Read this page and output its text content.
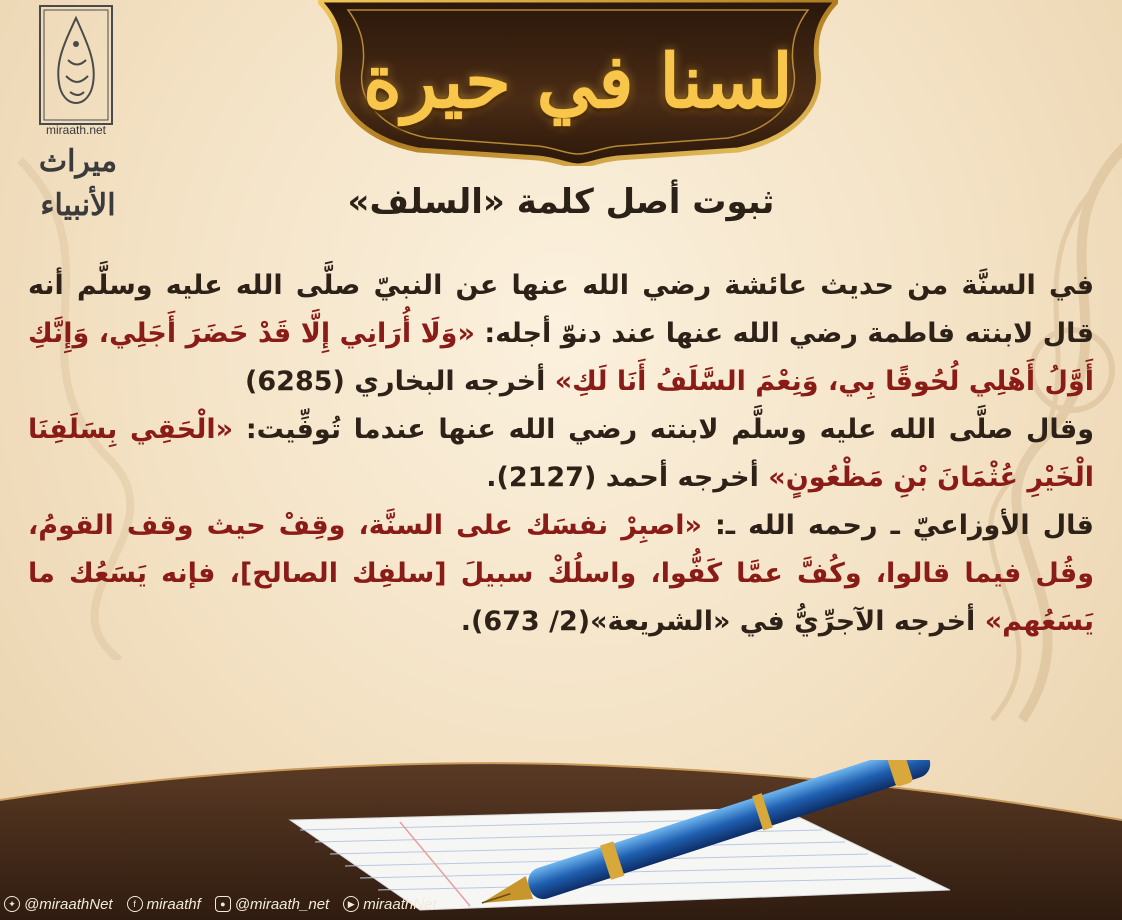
لسنا في حيرة
miraath.net
ميراث الأنبياء	ثبوت أصل كلمة «السلف»

في السنَّة من حديث عائشة رضي الله عنها عن النبيّ صلَّى الله عليه وسلَّم أنه قال لابنته فاطمة رضي الله عنها عند دنوّ أجله: «وَلَا أُرَانِي إِلَّا قَدْ حَضَرَ أَجَلِي، وَإِنَّكِ أَوَّلُ أَهْلِي لُحُوقًا بِي، وَنِعْمَ السَّلَفُ أَنَا لَكِ» أخرجه البخاري (6285)

وقال صلَّى الله عليه وسلَّم لابنته رضي الله عنها عندما تُوفِّيت: «الْحَقِي بِسَلَفِنَا الْخَيْرِ عُثْمَانَ بْنِ مَظْعُونٍ» أخرجه أحمد (2127).

قال الأوزاعيّ ـ رحمه الله ـ: «اصبِرْ نفسَك على السنَّة، وقِفْ حيث وقف القومُ، وقُل فيما قالوا، وكُفَّ عمَّا كَفُّوا، واسلُكْ سبيلَ [سلفِك الصالح]، فإنه يَسَعُك ما يَسَعُهم» أخرجه الآجرِّيُّ في «الشريعة»(2/ 673).

✦ @miraathNet	f miraathf	● @miraath_net	▶ miraathNet
